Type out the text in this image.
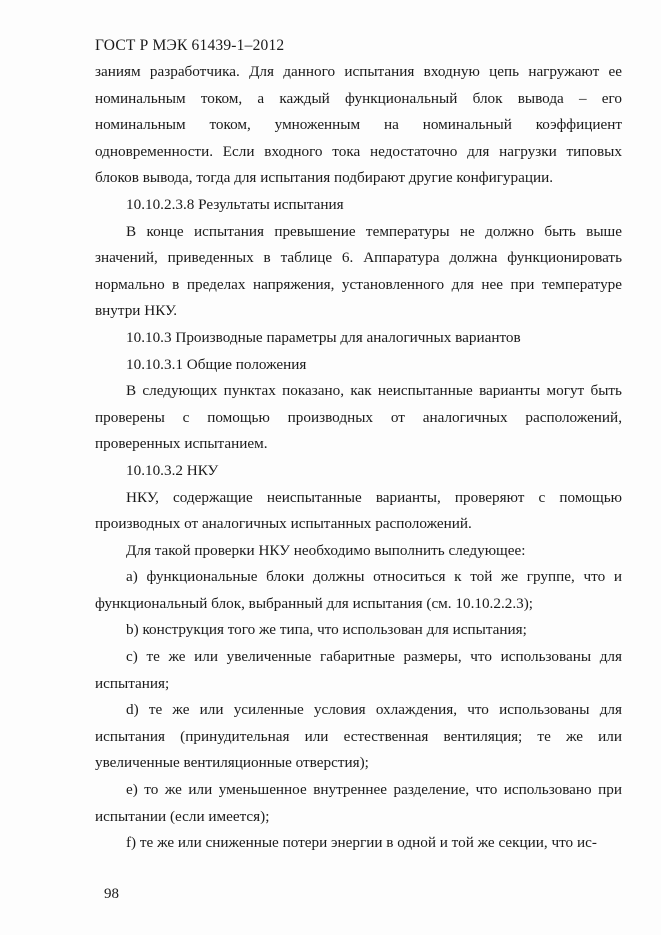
ГОСТ Р МЭК 61439-1–2012

заниям разработчика. Для данного испытания входную цепь нагружают ее номинальным током, а каждый функциональный блок вывода – его номинальным током, умноженным на номинальный коэффициент одновременности. Если входного тока недостаточно для нагрузки типовых блоков вывода, тогда для испытания подбирают другие конфигурации.

10.10.2.3.8 Результаты испытания

В конце испытания превышение температуры не должно быть выше значений, приведенных в таблице 6. Аппаратура должна функционировать нормально в пределах напряжения, установленного для нее при температуре внутри НКУ.

10.10.3 Производные параметры для аналогичных вариантов

10.10.3.1 Общие положения

В следующих пунктах показано, как неиспытанные варианты могут быть проверены с помощью производных от аналогичных расположений, проверенных испытанием.

10.10.3.2 НКУ

НКУ, содержащие неиспытанные варианты, проверяют с помощью производных от аналогичных испытанных расположений.

Для такой проверки НКУ необходимо выполнить следующее:

a) функциональные блоки должны относиться к той же группе, что и функциональный блок, выбранный для испытания (см. 10.10.2.2.3);

b) конструкция того же типа, что использован для испытания;

c) те же или увеличенные габаритные размеры, что использованы для испытания;

d) те же или усиленные условия охлаждения, что использованы для испытания (принудительная или естественная вентиляция; те же или увеличенные вентиляционные отверстия);

e) то же или уменьшенное внутреннее разделение, что использовано при испытании (если имеется);

f) те же или сниженные потери энергии в одной и той же секции, что ис-

98
